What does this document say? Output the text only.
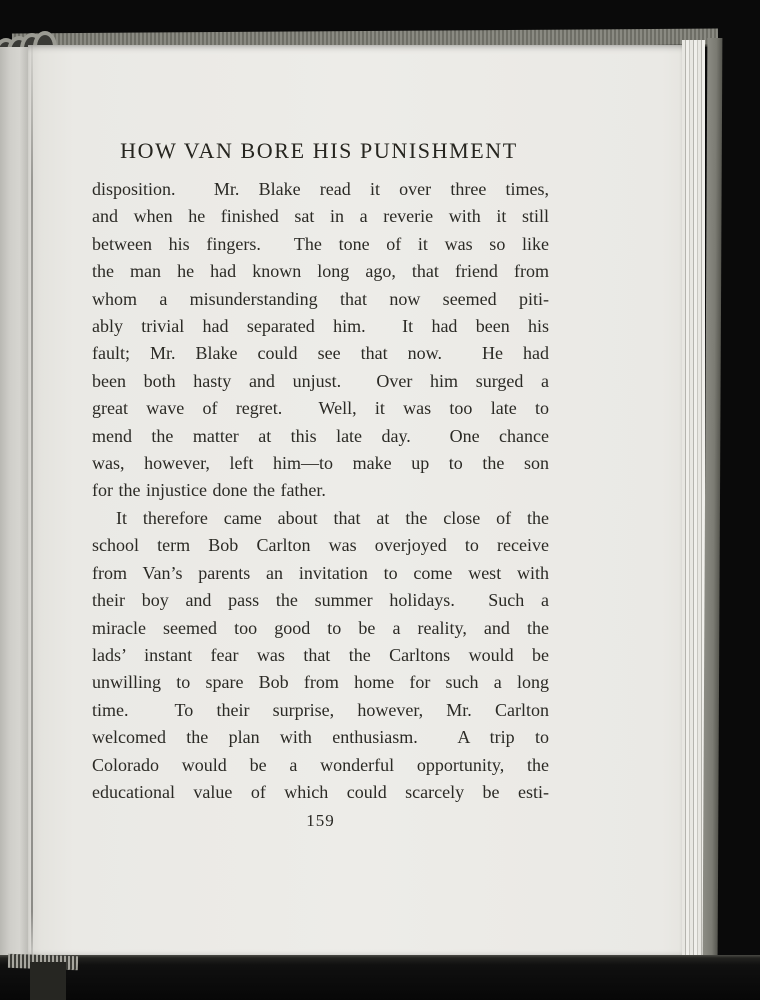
HOW VAN BORE HIS PUNISHMENT
disposition.  Mr. Blake read it over three times,
and when he finished sat in a reverie with it still
between his fingers.  The tone of it was so like
the man he had known long ago, that friend from
whom a misunderstanding that now seemed piti-
ably trivial had separated him.  It had been his
fault; Mr. Blake could see that now.  He had
been both hasty and unjust.  Over him surged a
great wave of regret.  Well, it was too late to
mend the matter at this late day.  One chance
was, however, left him—to make up to the son
for the injustice done the father.
It therefore came about that at the close of the
school term Bob Carlton was overjoyed to receive
from Van’s parents an invitation to come west with
their boy and pass the summer holidays.  Such a
miracle seemed too good to be a reality, and the
lads’ instant fear was that the Carltons would be
unwilling to spare Bob from home for such a long
time.  To their surprise, however, Mr. Carlton
welcomed the plan with enthusiasm.  A trip to
Colorado would be a wonderful opportunity, the
educational value of which could scarcely be esti-
159
